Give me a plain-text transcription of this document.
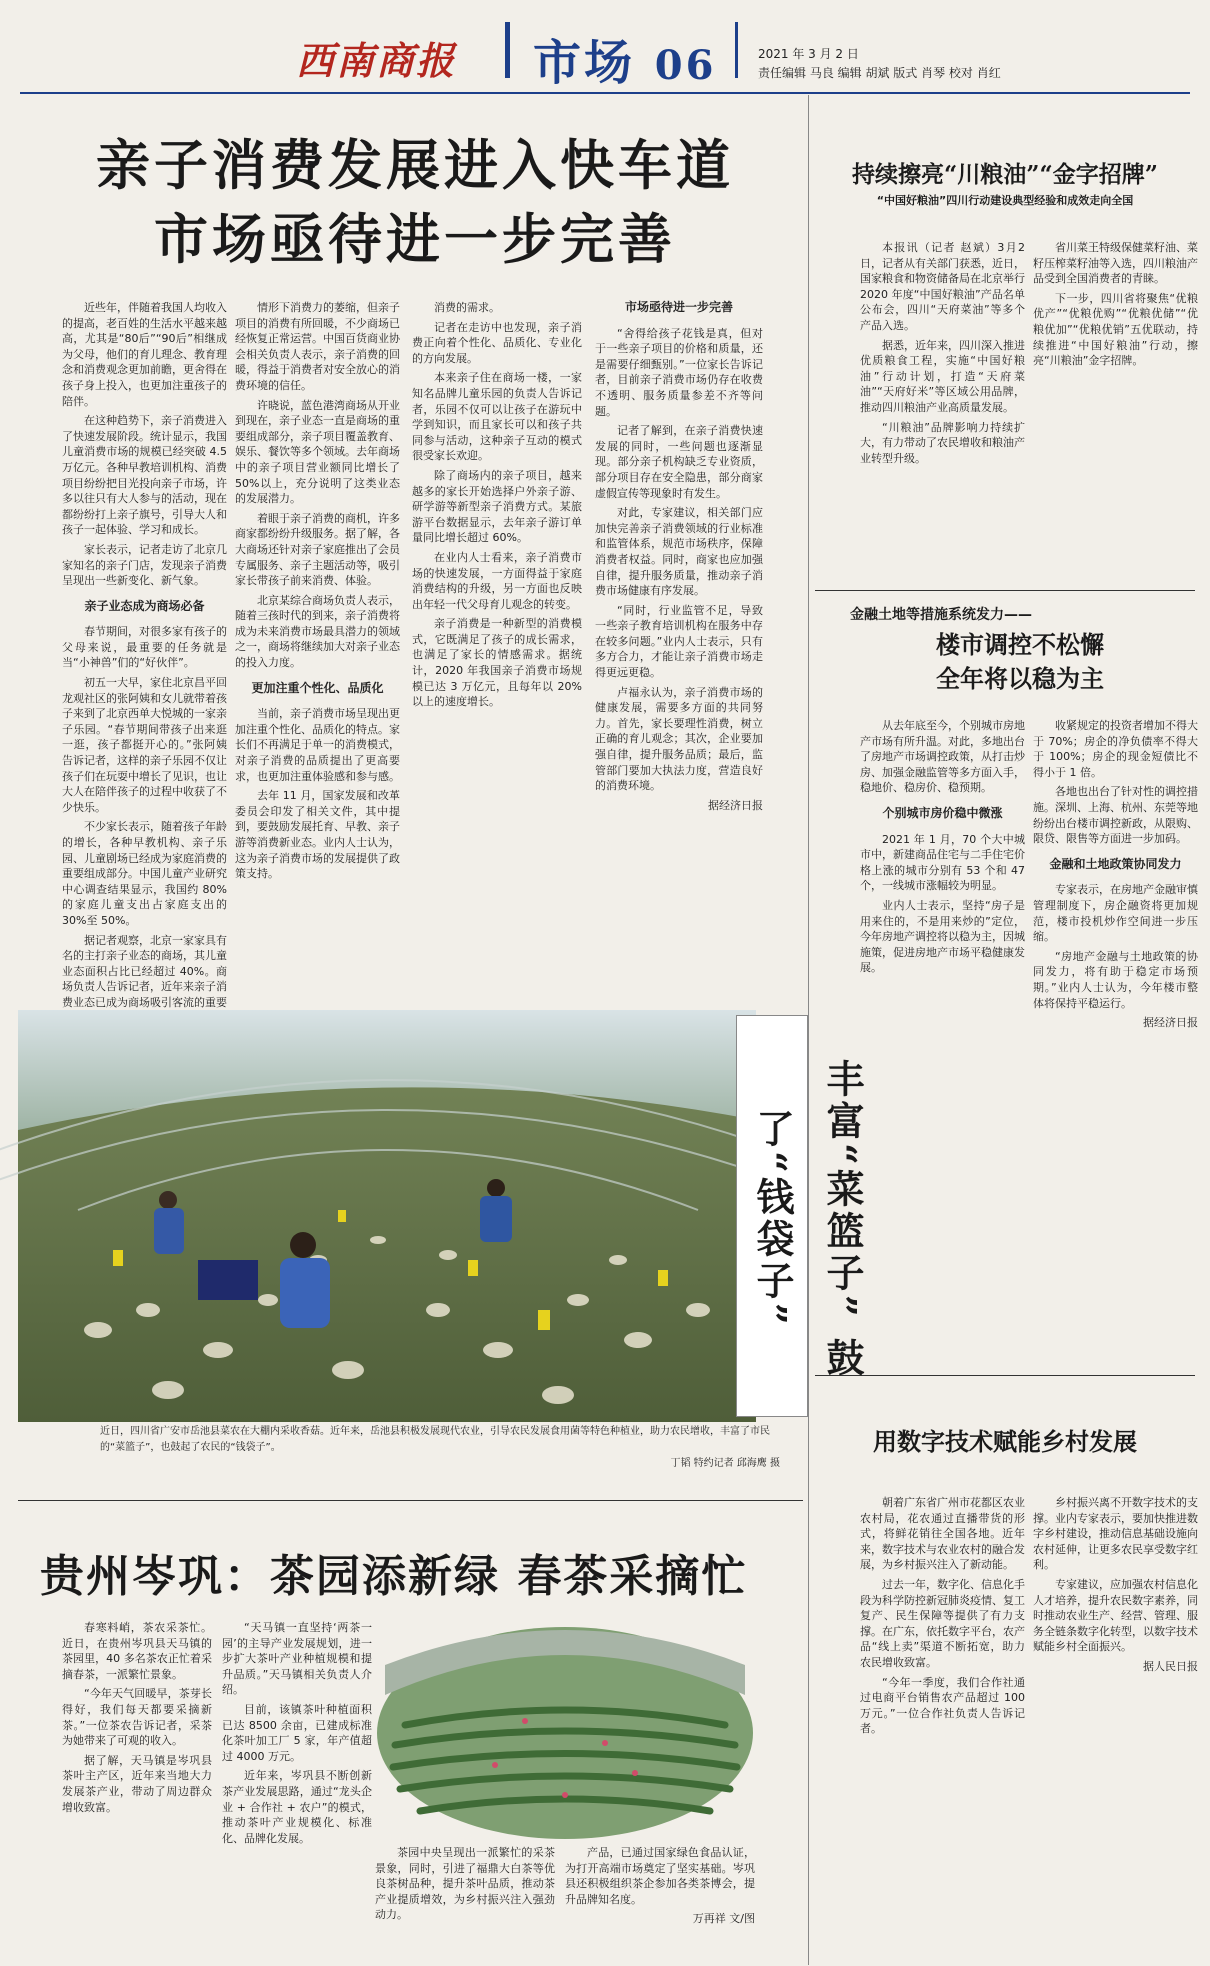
西南商报 市场 06	2021 年 3 月 2 日
责任编辑 马良 编辑 胡斌 版式 肖琴 校对 肖红
亲子消费发展进入快车道
市场亟待进一步完善

近些年，伴随着我国人均收入的提高，老百姓的生活水平越来越高，尤其是“80后”“90后”相继成为父母，他们的育儿理念、教育理念和消费观念更加前瞻，更舍得在孩子身上投入，也更加注重孩子的陪伴。

在这种趋势下，亲子消费进入了快速发展阶段。统计显示，我国儿童消费市场的规模已经突破 4.5 万亿元。各种早教培训机构、消费项目纷纷把目光投向亲子市场，许多以往只有大人参与的活动，现在都纷纷打上亲子旗号，引导大人和孩子一起体验、学习和成长。

家长表示，记者走访了北京几家知名的亲子门店，发现亲子消费呈现出一些新变化、新气象。

亲子业态成为商场必备

春节期间，对很多家有孩子的父母来说，最重要的任务就是当“小神兽”们的“好伙伴”。

初五一大早，家住北京昌平回龙观社区的张阿姨和女儿就带着孩子来到了北京西单大悦城的一家亲子乐园。“春节期间带孩子出来逛一逛，孩子都挺开心的。”张阿姨告诉记者，这样的亲子乐园不仅让孩子们在玩耍中增长了见识，也让大人在陪伴孩子的过程中收获了不少快乐。

不少家长表示，随着孩子年龄的增长，各种早教机构、亲子乐园、儿童剧场已经成为家庭消费的重要组成部分。中国儿童产业研究中心调查结果显示，我国约 80% 的家庭儿童支出占家庭支出的 30%至 50%。

据记者观察，北京一家家具有名的主打亲子业态的商场，其儿童业态面积占比已经超过 40%。商场负责人告诉记者，近年来亲子消费业态已成为商场吸引客流的重要

情形下消费力的萎缩，但亲子项目的消费有所回暖，不少商场已经恢复正常运营。中国百货商业协会相关负责人表示，亲子消费的回暖，得益于消费者对安全放心的消费环境的信任。

许晓说，蓝色港湾商场从开业到现在，亲子业态一直是商场的重要组成部分，亲子项目覆盖教育、娱乐、餐饮等多个领域。去年商场中的亲子项目营业额同比增长了 50%以上，充分说明了这类业态的发展潜力。

着眼于亲子消费的商机，许多商家都纷纷升级服务。据了解，各大商场还针对亲子家庭推出了会员专属服务、亲子主题活动等，吸引家长带孩子前来消费、体验。

北京某综合商场负责人表示，随着三孩时代的到来，亲子消费将成为未来消费市场最具潜力的领域之一，商场将继续加大对亲子业态的投入力度。

更加注重个性化、品质化

当前，亲子消费市场呈现出更加注重个性化、品质化的特点。家长们不再满足于单一的消费模式，对亲子消费的品质提出了更高要求，也更加注重体验感和参与感。

去年 11 月，国家发展和改革委员会印发了相关文件，其中提到，要鼓励发展托育、早教、亲子游等消费新业态。业内人士认为，这为亲子消费市场的发展提供了政策支持。

消费的需求。

记者在走访中也发现，亲子消费正向着个性化、品质化、专业化的方向发展。

本来亲子住在商场一楼，一家知名品牌儿童乐园的负责人告诉记者，乐园不仅可以让孩子在游玩中学到知识，而且家长可以和孩子共同参与活动，这种亲子互动的模式很受家长欢迎。

除了商场内的亲子项目，越来越多的家长开始选择户外亲子游、研学游等新型亲子消费方式。某旅游平台数据显示，去年亲子游订单量同比增长超过 60%。

在业内人士看来，亲子消费市场的快速发展，一方面得益于家庭消费结构的升级，另一方面也反映出年轻一代父母育儿观念的转变。

亲子消费是一种新型的消费模式，它既满足了孩子的成长需求，也满足了家长的情感需求。据统计，2020 年我国亲子消费市场规模已达 3 万亿元，且每年以 20%以上的速度增长。

市场亟待进一步完善

“舍得给孩子花钱是真，但对于一些亲子项目的价格和质量，还是需要仔细甄别。”一位家长告诉记者，目前亲子消费市场仍存在收费不透明、服务质量参差不齐等问题。

记者了解到，在亲子消费快速发展的同时，一些问题也逐渐显现。部分亲子机构缺乏专业资质，部分项目存在安全隐患，部分商家虚假宣传等现象时有发生。

对此，专家建议，相关部门应加快完善亲子消费领域的行业标准和监管体系，规范市场秩序，保障消费者权益。同时，商家也应加强自律，提升服务质量，推动亲子消费市场健康有序发展。

“同时，行业监管不足，导致一些亲子教育培训机构在服务中存在较多问题。”业内人士表示，只有多方合力，才能让亲子消费市场走得更远更稳。

卢福永认为，亲子消费市场的健康发展，需要多方面的共同努力。首先，家长要理性消费，树立正确的育儿观念；其次，企业要加强自律，提升服务品质；最后，监管部门要加大执法力度，营造良好的消费环境。

据经济日报

持续擦亮“川粮油”“金字招牌”
“中国好粮油”四川行动建设典型经验和成效走向全国

本报讯（记者 赵斌）3月2日，记者从有关部门获悉，近日，国家粮食和物资储备局在北京举行 2020 年度“中国好粮油”产品名单公布会，四川“天府菜油”等多个产品入选。

据悉，近年来，四川深入推进优质粮食工程，实施“中国好粮油”行动计划，打造“天府菜油”“天府好米”等区域公用品牌，推动四川粮油产业高质量发展。

“川粮油”品牌影响力持续扩大，有力带动了农民增收和粮油产业转型升级。

省川菜王特级保健菜籽油、菜籽压榨菜籽油等入选，四川粮油产品受到全国消费者的青睐。

下一步，四川省将聚焦“优粮优产”“优粮优购”“优粮优储”“优粮优加”“优粮优销”五优联动，持续推进“中国好粮油”行动，擦亮“川粮油”金字招牌。

金融土地等措施系统发力——
楼市调控不松懈
全年将以稳为主

从去年底至今，个别城市房地产市场有所升温。对此，多地出台了房地产市场调控政策，从打击炒房、加强金融监管等多方面入手，稳地价、稳房价、稳预期。

个别城市房价稳中微涨

2021 年 1 月，70 个大中城市中，新建商品住宅与二手住宅价格上涨的城市分别有 53 个和 47 个，一线城市涨幅较为明显。

业内人士表示，坚持“房子是用来住的，不是用来炒的”定位，今年房地产调控将以稳为主，因城施策，促进房地产市场平稳健康发展。

收紧规定的投资者增加不得大于 70%；房企的净负债率不得大于 100%；房企的现金短债比不得小于 1 倍。

各地也出台了针对性的调控措施。深圳、上海、杭州、东莞等地纷纷出台楼市调控新政，从限购、限贷、限售等方面进一步加码。

金融和土地政策协同发力

专家表示，在房地产金融审慎管理制度下，房企融资将更加规范，楼市投机炒作空间进一步压缩。

“房地产金融与土地政策的协同发力，将有助于稳定市场预期。”业内人士认为，今年楼市整体将保持平稳运行。

据经济日报

用数字技术赋能乡村发展

朝着广东省广州市花都区农业农村局，花农通过直播带货的形式，将鲜花销往全国各地。近年来，数字技术与农业农村的融合发展，为乡村振兴注入了新动能。

过去一年，数字化、信息化手段为科学防控新冠肺炎疫情、复工复产、民生保障等提供了有力支撑。在广东，依托数字平台，农产品“线上卖”渠道不断拓宽，助力农民增收致富。

“今年一季度，我们合作社通过电商平台销售农产品超过 100 万元。”一位合作社负责人告诉记者。

乡村振兴离不开数字技术的支撑。业内专家表示，要加快推进数字乡村建设，推动信息基础设施向农村延伸，让更多农民享受数字红利。

专家建议，应加强农村信息化人才培养，提升农民数字素养，同时推动农业生产、经营、管理、服务全链条数字化转型，以数字技术赋能乡村全面振兴。

据人民日报

丰富“菜篮子” 鼓了“钱袋子”
近日，四川省广安市岳池县菜农在大棚内采收香菇。近年来，岳池县积极发展现代农业，引导农民发展食用菌等特色种植业，助力农民增收，丰富了市民的“菜篮子”，也鼓起了农民的“钱袋子”。
丁韬 特约记者 邱海鹰 摄
贵州岑巩：茶园添新绿 春茶采摘忙

春寒料峭，茶农采茶忙。近日，在贵州岑巩县天马镇的茶园里，40 多名茶农正忙着采摘春茶，一派繁忙景象。

“今年天气回暖早，茶芽长得好，我们每天都要采摘新茶。”一位茶农告诉记者，采茶为她带来了可观的收入。

据了解，天马镇是岑巩县茶叶主产区，近年来当地大力发展茶产业，带动了周边群众增收致富。

“天马镇一直坚持‘两茶一园’的主导产业发展规划，进一步扩大茶叶产业种植规模和提升品质。”天马镇相关负责人介绍。

目前，该镇茶叶种植面积已达 8500 余亩，已建成标准化茶叶加工厂 5 家，年产值超过 4000 万元。

近年来，岑巩县不断创新茶产业发展思路，通过“龙头企业 + 合作社 + 农户”的模式，推动茶叶产业规模化、标准化、品牌化发展。

茶园中央呈现出一派繁忙的采茶景象，同时，引进了福鼎大白茶等优良茶树品种，提升茶叶品质，推动茶产业提质增效，为乡村振兴注入强劲动力。

产品，已通过国家绿色食品认证，为打开高端市场奠定了坚实基础。岑巩县还积极组织茶企参加各类茶博会，提升品牌知名度。

万再祥 文/图
